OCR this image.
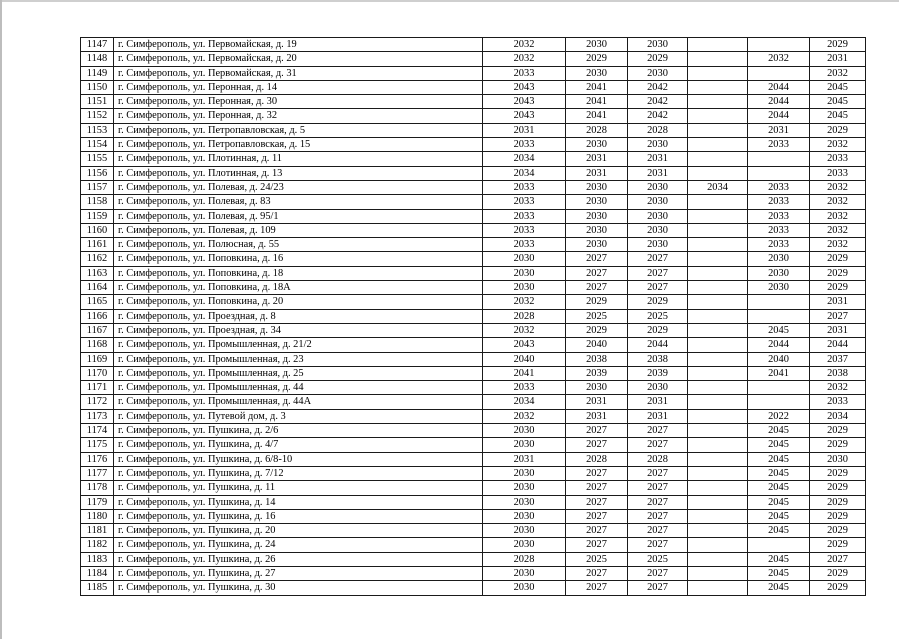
1147	г. Симферополь, ул. Первомайская, д. 19	2032	2030	2030			2029
1148	г. Симферополь, ул. Первомайская, д. 20	2032	2029	2029		2032	2031
1149	г. Симферополь, ул. Первомайская, д. 31	2033	2030	2030			2032
1150	г. Симферополь, ул. Перонная, д. 14	2043	2041	2042		2044	2045
1151	г. Симферополь, ул. Перонная, д. 30	2043	2041	2042		2044	2045
1152	г. Симферополь, ул. Перонная, д. 32	2043	2041	2042		2044	2045
1153	г. Симферополь, ул. Петропавловская, д. 5	2031	2028	2028		2031	2029
1154	г. Симферополь, ул. Петропавловская, д. 15	2033	2030	2030		2033	2032
1155	г. Симферополь, ул. Плотинная, д. 11	2034	2031	2031			2033
1156	г. Симферополь, ул. Плотинная, д. 13	2034	2031	2031			2033
1157	г. Симферополь, ул. Полевая, д. 24/23	2033	2030	2030	2034	2033	2032
1158	г. Симферополь, ул. Полевая, д. 83	2033	2030	2030		2033	2032
1159	г. Симферополь, ул. Полевая, д. 95/1	2033	2030	2030		2033	2032
1160	г. Симферополь, ул. Полевая, д. 109	2033	2030	2030		2033	2032
1161	г. Симферополь, ул. Полюсная, д. 55	2033	2030	2030		2033	2032
1162	г. Симферополь, ул. Поповкина, д. 16	2030	2027	2027		2030	2029
1163	г. Симферополь, ул. Поповкина, д. 18	2030	2027	2027		2030	2029
1164	г. Симферополь, ул. Поповкина, д. 18А	2030	2027	2027		2030	2029
1165	г. Симферополь, ул. Поповкина, д. 20	2032	2029	2029			2031
1166	г. Симферополь, ул. Проездная, д. 8	2028	2025	2025			2027
1167	г. Симферополь, ул. Проездная, д. 34	2032	2029	2029		2045	2031
1168	г. Симферополь, ул. Промышленная, д. 21/2	2043	2040	2044		2044	2044
1169	г. Симферополь, ул. Промышленная, д. 23	2040	2038	2038		2040	2037
1170	г. Симферополь, ул. Промышленная, д. 25	2041	2039	2039		2041	2038
1171	г. Симферополь, ул. Промышленная, д. 44	2033	2030	2030			2032
1172	г. Симферополь, ул. Промышленная, д. 44А	2034	2031	2031			2033
1173	г. Симферополь, ул. Путевой дом, д. 3	2032	2031	2031		2022	2034
1174	г. Симферополь, ул. Пушкина, д. 2/6	2030	2027	2027		2045	2029
1175	г. Симферополь, ул. Пушкина, д. 4/7	2030	2027	2027		2045	2029
1176	г. Симферополь, ул. Пушкина, д. 6/8-10	2031	2028	2028		2045	2030
1177	г. Симферополь, ул. Пушкина, д. 7/12	2030	2027	2027		2045	2029
1178	г. Симферополь, ул. Пушкина, д. 11	2030	2027	2027		2045	2029
1179	г. Симферополь, ул. Пушкина, д. 14	2030	2027	2027		2045	2029
1180	г. Симферополь, ул. Пушкина, д. 16	2030	2027	2027		2045	2029
1181	г. Симферополь, ул. Пушкина, д. 20	2030	2027	2027		2045	2029
1182	г. Симферополь, ул. Пушкина, д. 24	2030	2027	2027			2029
1183	г. Симферополь, ул. Пушкина, д. 26	2028	2025	2025		2045	2027
1184	г. Симферополь, ул. Пушкина, д. 27	2030	2027	2027		2045	2029
1185	г. Симферополь, ул. Пушкина, д. 30	2030	2027	2027		2045	2029
